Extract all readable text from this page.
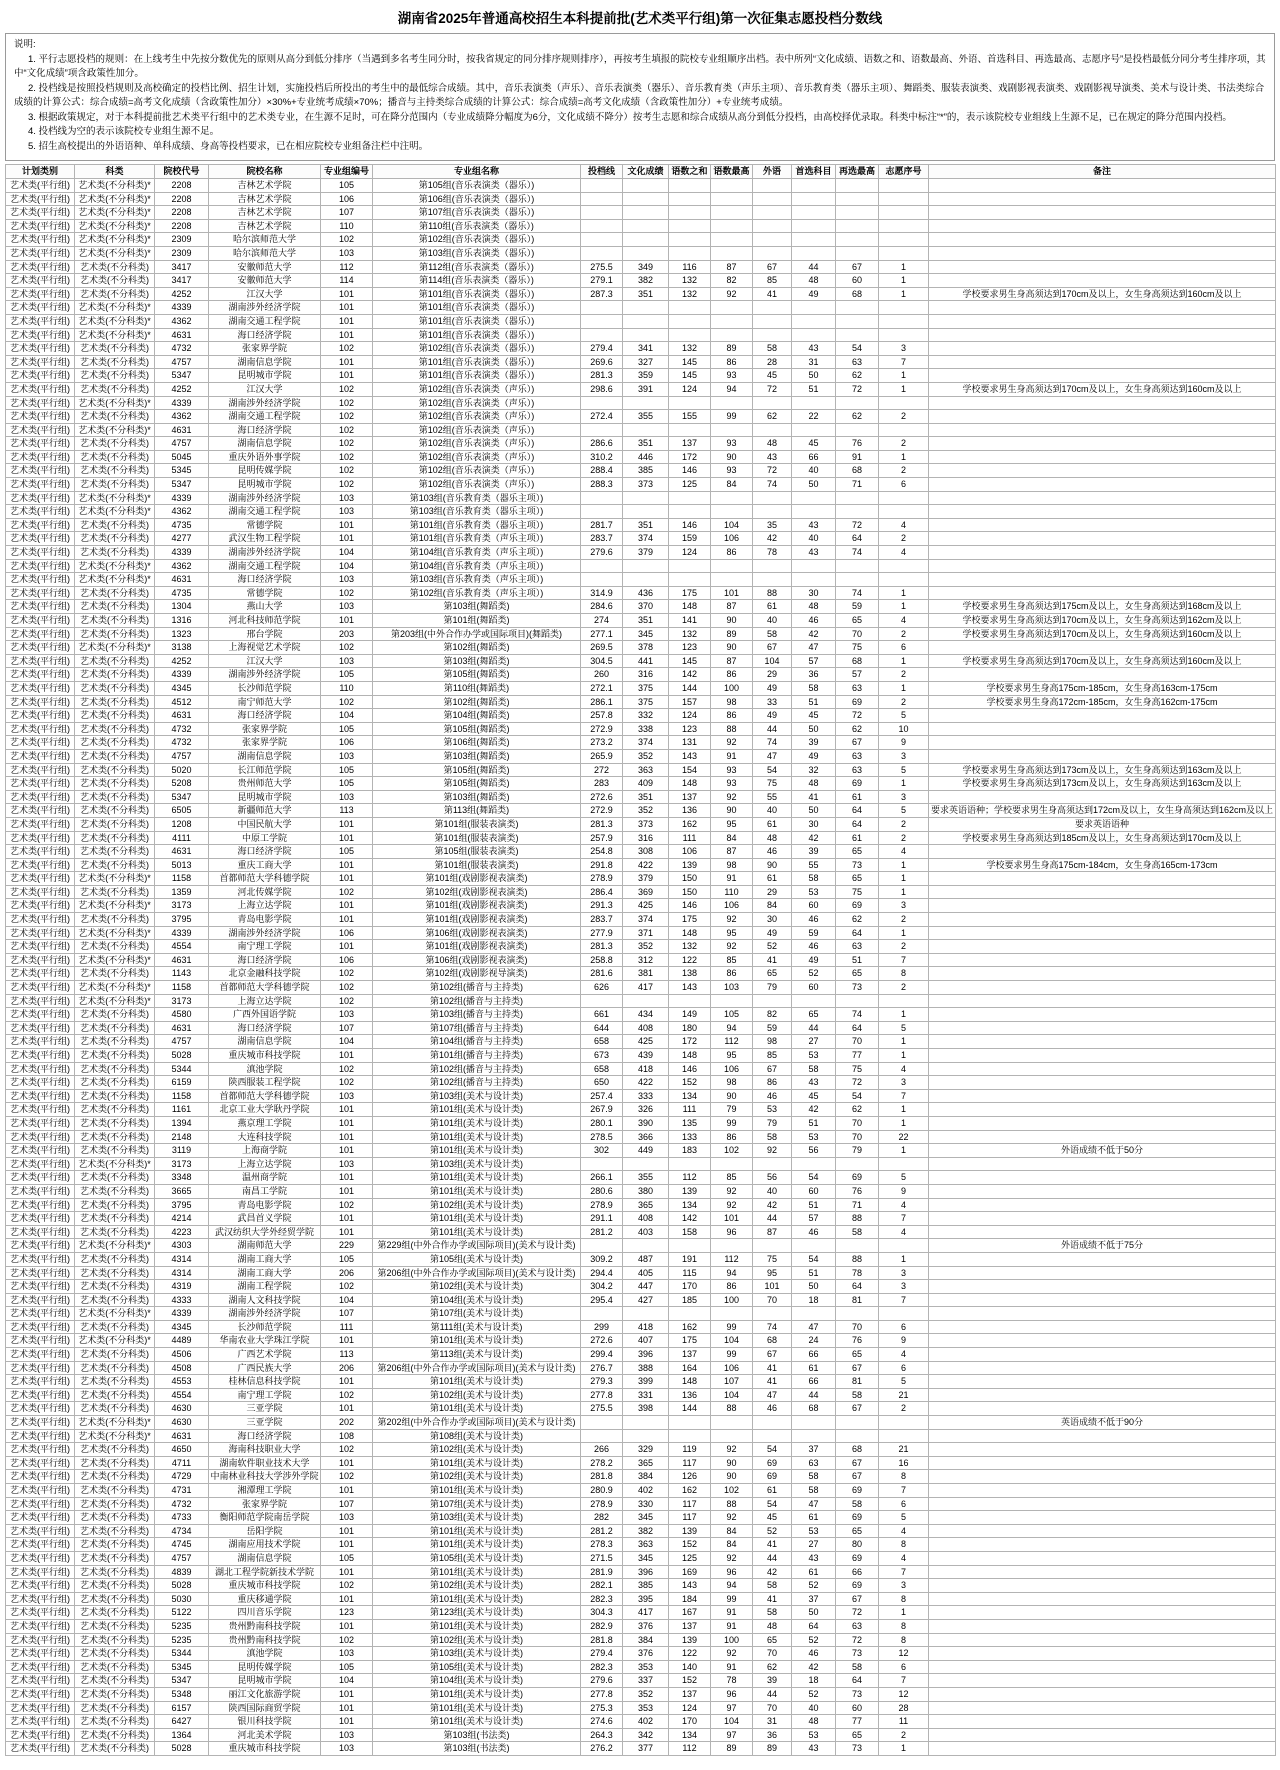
湖南省2025年普通高校招生本科提前批(艺术类平行组)第一次征集志愿投档分数线
说明:
1. 平行志愿投档的规则：在上线考生中先按分数优先的原则从高分到低分排序（当遇到多名考生同分时，按我省规定的同分排序规则排序），再按考生填报的院校专业组顺序出档。表中所列“文化成绩、语数之和、语数最高、外语、首选科目、再选最高、志愿序号”是投档最低分同分考生排序项，其中“文化成绩”项含政策性加分。
2. 投档线是按照投档规则及高校确定的投档比例、招生计划，实施投档后所投出的考生中的最低综合成绩。其中，音乐表演类（声乐）、音乐表演类（器乐）、音乐教育类（声乐主项）、音乐教育类（器乐主项）、舞蹈类、服装表演类、戏剧影视表演类、戏剧影视导演类、美术与设计类、书法类综合成绩的计算公式：综合成绩=高考文化成绩（含政策性加分）×30%+专业统考成绩×70%；播音与主持类综合成绩的计算公式：综合成绩=高考文化成绩（含政策性加分）+专业统考成绩。
3. 根据政策规定，对于本科提前批艺术类平行组中的艺术类专业，在生源不足时，可在降分范围内（专业成绩降分幅度为6分，文化成绩不降分）按考生志愿和综合成绩从高分到低分投档，由高校择优录取。科类中标注“*”的，表示该院校专业组线上生源不足，已在规定的降分范围内投档。
4. 投档线为空的表示该院校专业组生源不足。
5. 招生高校提出的外语语种、单科成绩、身高等投档要求，已在相应院校专业组备注栏中注明。
计划类别	科类	院校代号	院校名称	专业组编号	专业组名称	投档线	文化成绩	语数之和	语数最高	外语	首选科目	再选最高	志愿序号	备注
艺术类(平行组)	艺术类(不分科类)*	2208	吉林艺术学院	105	第105组(音乐表演类（器乐）)									
艺术类(平行组)	艺术类(不分科类)*	2208	吉林艺术学院	106	第106组(音乐表演类（器乐）)									
艺术类(平行组)	艺术类(不分科类)*	2208	吉林艺术学院	107	第107组(音乐表演类（器乐）)									
艺术类(平行组)	艺术类(不分科类)*	2208	吉林艺术学院	110	第110组(音乐表演类（器乐）)									
艺术类(平行组)	艺术类(不分科类)*	2309	哈尔滨师范大学	102	第102组(音乐表演类（器乐）)									
艺术类(平行组)	艺术类(不分科类)*	2309	哈尔滨师范大学	103	第103组(音乐表演类（器乐）)									
艺术类(平行组)	艺术类(不分科类)	3417	安徽师范大学	112	第112组(音乐表演类（器乐）)	275.5	349	116	87	67	44	67	1	
艺术类(平行组)	艺术类(不分科类)	3417	安徽师范大学	114	第114组(音乐表演类（器乐）)	279.1	382	132	82	85	48	60	1	
艺术类(平行组)	艺术类(不分科类)	4252	江汉大学	101	第101组(音乐表演类（器乐）)	287.3	351	132	92	41	49	68	1	学校要求男生身高须达到170cm及以上，女生身高须达到160cm及以上
艺术类(平行组)	艺术类(不分科类)*	4339	湖南涉外经济学院	101	第101组(音乐表演类（器乐）)									
艺术类(平行组)	艺术类(不分科类)*	4362	湖南交通工程学院	101	第101组(音乐表演类（器乐）)									
艺术类(平行组)	艺术类(不分科类)*	4631	海口经济学院	101	第101组(音乐表演类（器乐）)									
艺术类(平行组)	艺术类(不分科类)	4732	张家界学院	102	第102组(音乐表演类（器乐）)	279.4	341	132	89	58	43	54	3	
艺术类(平行组)	艺术类(不分科类)	4757	湖南信息学院	101	第101组(音乐表演类（器乐）)	269.6	327	145	86	28	31	63	7	
艺术类(平行组)	艺术类(不分科类)	5347	昆明城市学院	101	第101组(音乐表演类（器乐）)	281.3	359	145	93	45	50	62	1	
艺术类(平行组)	艺术类(不分科类)	4252	江汉大学	102	第102组(音乐表演类（声乐）)	298.6	391	124	94	72	51	72	1	学校要求男生身高须达到170cm及以上，女生身高须达到160cm及以上
艺术类(平行组)	艺术类(不分科类)*	4339	湖南涉外经济学院	102	第102组(音乐表演类（声乐）)									
艺术类(平行组)	艺术类(不分科类)	4362	湖南交通工程学院	102	第102组(音乐表演类（声乐）)	272.4	355	155	99	62	22	62	2	
艺术类(平行组)	艺术类(不分科类)*	4631	海口经济学院	102	第102组(音乐表演类（声乐）)									
艺术类(平行组)	艺术类(不分科类)	4757	湖南信息学院	102	第102组(音乐表演类（声乐）)	286.6	351	137	93	48	45	76	2	
艺术类(平行组)	艺术类(不分科类)	5045	重庆外语外事学院	102	第102组(音乐表演类（声乐）)	310.2	446	172	90	43	66	91	1	
艺术类(平行组)	艺术类(不分科类)	5345	昆明传媒学院	102	第102组(音乐表演类（声乐）)	288.4	385	146	93	72	40	68	2	
艺术类(平行组)	艺术类(不分科类)	5347	昆明城市学院	102	第102组(音乐表演类（声乐）)	288.3	373	125	84	74	50	71	6	
艺术类(平行组)	艺术类(不分科类)*	4339	湖南涉外经济学院	103	第103组(音乐教育类（器乐主项）)									
艺术类(平行组)	艺术类(不分科类)*	4362	湖南交通工程学院	103	第103组(音乐教育类（器乐主项）)									
艺术类(平行组)	艺术类(不分科类)	4735	常德学院	101	第101组(音乐教育类（器乐主项）)	281.7	351	146	104	35	43	72	4	
艺术类(平行组)	艺术类(不分科类)	4277	武汉生物工程学院	101	第101组(音乐教育类（声乐主项）)	283.7	374	159	106	42	40	64	2	
艺术类(平行组)	艺术类(不分科类)	4339	湖南涉外经济学院	104	第104组(音乐教育类（声乐主项）)	279.6	379	124	86	78	43	74	4	
艺术类(平行组)	艺术类(不分科类)*	4362	湖南交通工程学院	104	第104组(音乐教育类（声乐主项）)									
艺术类(平行组)	艺术类(不分科类)*	4631	海口经济学院	103	第103组(音乐教育类（声乐主项）)									
艺术类(平行组)	艺术类(不分科类)	4735	常德学院	102	第102组(音乐教育类（声乐主项）)	314.9	436	175	101	88	30	74	1	
艺术类(平行组)	艺术类(不分科类)	1304	燕山大学	103	第103组(舞蹈类)	284.6	370	148	87	61	48	59	1	学校要求男生身高须达到175cm及以上，女生身高须达到168cm及以上
艺术类(平行组)	艺术类(不分科类)	1316	河北科技师范学院	101	第101组(舞蹈类)	274	351	141	90	40	46	65	4	学校要求男生身高须达到170cm及以上，女生身高须达到162cm及以上
艺术类(平行组)	艺术类(不分科类)	1323	邢台学院	203	第203组(中外合作办学或国际项目)(舞蹈类)	277.1	345	132	89	58	42	70	2	学校要求男生身高须达到170cm及以上，女生身高须达到160cm及以上
艺术类(平行组)	艺术类(不分科类)*	3138	上海视觉艺术学院	102	第102组(舞蹈类)	269.5	378	123	90	67	47	75	6	
艺术类(平行组)	艺术类(不分科类)	4252	江汉大学	103	第103组(舞蹈类)	304.5	441	145	87	104	57	68	1	学校要求男生身高须达到170cm及以上，女生身高须达到160cm及以上
艺术类(平行组)	艺术类(不分科类)	4339	湖南涉外经济学院	105	第105组(舞蹈类)	260	316	142	86	29	36	57	2	
艺术类(平行组)	艺术类(不分科类)	4345	长沙师范学院	110	第110组(舞蹈类)	272.1	375	144	100	49	58	63	1	学校要求男生身高175cm-185cm，女生身高163cm-175cm
艺术类(平行组)	艺术类(不分科类)	4512	南宁师范大学	102	第102组(舞蹈类)	286.1	375	157	98	33	51	69	2	学校要求男生身高172cm-185cm，女生身高162cm-175cm
艺术类(平行组)	艺术类(不分科类)	4631	海口经济学院	104	第104组(舞蹈类)	257.8	332	124	86	49	45	72	5	
艺术类(平行组)	艺术类(不分科类)	4732	张家界学院	105	第105组(舞蹈类)	272.9	338	123	88	44	50	62	10	
艺术类(平行组)	艺术类(不分科类)	4732	张家界学院	106	第106组(舞蹈类)	273.2	374	131	92	74	39	67	9	
艺术类(平行组)	艺术类(不分科类)	4757	湖南信息学院	103	第103组(舞蹈类)	265.9	352	143	91	47	49	63	3	
艺术类(平行组)	艺术类(不分科类)	5020	长江师范学院	105	第105组(舞蹈类)	272	363	154	93	54	32	63	5	学校要求男生身高须达到173cm及以上，女生身高须达到163cm及以上
艺术类(平行组)	艺术类(不分科类)	5208	贵州师范大学	105	第105组(舞蹈类)	283	409	148	93	75	48	69	1	学校要求男生身高须达到173cm及以上，女生身高须达到163cm及以上
艺术类(平行组)	艺术类(不分科类)	5347	昆明城市学院	103	第103组(舞蹈类)	272.6	351	137	92	55	41	61	3	
艺术类(平行组)	艺术类(不分科类)	6505	新疆师范大学	113	第113组(舞蹈类)	272.9	352	136	90	40	50	64	5	要求英语语种；学校要求男生身高须达到172cm及以上，女生身高须达到162cm及以上
艺术类(平行组)	艺术类(不分科类)	1208	中国民航大学	101	第101组(服装表演类)	281.3	373	162	95	61	30	64	2	要求英语语种
艺术类(平行组)	艺术类(不分科类)	4111	中原工学院	101	第101组(服装表演类)	257.9	316	111	84	48	42	61	2	学校要求男生身高须达到185cm及以上，女生身高须达到170cm及以上
艺术类(平行组)	艺术类(不分科类)	4631	海口经济学院	105	第105组(服装表演类)	254.8	308	106	87	46	39	65	4	
艺术类(平行组)	艺术类(不分科类)	5013	重庆工商大学	101	第101组(服装表演类)	291.8	422	139	98	90	55	73	1	学校要求男生身高175cm-184cm，女生身高165cm-173cm
艺术类(平行组)	艺术类(不分科类)*	1158	首都师范大学科德学院	101	第101组(戏剧影视表演类)	278.9	379	150	91	61	58	65	1	
艺术类(平行组)	艺术类(不分科类)	1359	河北传媒学院	102	第102组(戏剧影视表演类)	286.4	369	150	110	29	53	75	1	
艺术类(平行组)	艺术类(不分科类)*	3173	上海立达学院	101	第101组(戏剧影视表演类)	291.3	425	146	106	84	60	69	3	
艺术类(平行组)	艺术类(不分科类)	3795	青岛电影学院	101	第101组(戏剧影视表演类)	283.7	374	175	92	30	46	62	2	
艺术类(平行组)	艺术类(不分科类)*	4339	湖南涉外经济学院	106	第106组(戏剧影视表演类)	277.9	371	148	95	49	59	64	1	
艺术类(平行组)	艺术类(不分科类)	4554	南宁理工学院	101	第101组(戏剧影视表演类)	281.3	352	132	92	52	46	63	2	
艺术类(平行组)	艺术类(不分科类)*	4631	海口经济学院	106	第106组(戏剧影视表演类)	258.8	312	122	85	41	49	51	7	
艺术类(平行组)	艺术类(不分科类)	1143	北京金融科技学院	102	第102组(戏剧影视导演类)	281.6	381	138	86	65	52	65	8	
艺术类(平行组)	艺术类(不分科类)*	1158	首都师范大学科德学院	102	第102组(播音与主持类)	626	417	143	103	79	60	73	2	
艺术类(平行组)	艺术类(不分科类)*	3173	上海立达学院	102	第102组(播音与主持类)									
艺术类(平行组)	艺术类(不分科类)	4580	广西外国语学院	103	第103组(播音与主持类)	661	434	149	105	82	65	74	1	
艺术类(平行组)	艺术类(不分科类)	4631	海口经济学院	107	第107组(播音与主持类)	644	408	180	94	59	44	64	5	
艺术类(平行组)	艺术类(不分科类)	4757	湖南信息学院	104	第104组(播音与主持类)	658	425	172	112	98	27	70	1	
艺术类(平行组)	艺术类(不分科类)	5028	重庆城市科技学院	101	第101组(播音与主持类)	673	439	148	95	85	53	77	1	
艺术类(平行组)	艺术类(不分科类)	5344	滇池学院	102	第102组(播音与主持类)	658	418	146	106	67	58	75	4	
艺术类(平行组)	艺术类(不分科类)	6159	陕西服装工程学院	102	第102组(播音与主持类)	650	422	152	98	86	43	72	3	
艺术类(平行组)	艺术类(不分科类)	1158	首都师范大学科德学院	103	第103组(美术与设计类)	257.4	333	134	90	46	45	54	7	
艺术类(平行组)	艺术类(不分科类)	1161	北京工业大学耿丹学院	101	第101组(美术与设计类)	267.9	326	111	79	53	42	62	1	
艺术类(平行组)	艺术类(不分科类)	1394	燕京理工学院	101	第101组(美术与设计类)	280.1	390	135	99	79	51	70	1	
艺术类(平行组)	艺术类(不分科类)	2148	大连科技学院	101	第101组(美术与设计类)	278.5	366	133	86	58	53	70	22	
艺术类(平行组)	艺术类(不分科类)	3119	上海商学院	101	第101组(美术与设计类)	302	449	183	102	92	56	79	1	外语成绩不低于50分
艺术类(平行组)	艺术类(不分科类)*	3173	上海立达学院	103	第103组(美术与设计类)									
艺术类(平行组)	艺术类(不分科类)	3348	温州商学院	101	第101组(美术与设计类)	266.1	355	112	85	56	54	69	5	
艺术类(平行组)	艺术类(不分科类)	3665	南昌工学院	101	第101组(美术与设计类)	280.6	380	139	92	40	60	76	9	
艺术类(平行组)	艺术类(不分科类)	3795	青岛电影学院	102	第102组(美术与设计类)	278.9	365	134	92	42	51	71	4	
艺术类(平行组)	艺术类(不分科类)	4214	武昌首义学院	101	第101组(美术与设计类)	291.1	408	142	101	44	57	88	7	
艺术类(平行组)	艺术类(不分科类)	4223	武汉纺织大学外经贸学院	101	第101组(美术与设计类)	281.2	403	158	96	87	46	58	4	
艺术类(平行组)	艺术类(不分科类)*	4303	湖南师范大学	229	第229组(中外合作办学或国际项目)(美术与设计类)									外语成绩不低于75分
艺术类(平行组)	艺术类(不分科类)	4314	湖南工商大学	105	第105组(美术与设计类)	309.2	487	191	112	75	54	88	1	
艺术类(平行组)	艺术类(不分科类)	4314	湖南工商大学	206	第206组(中外合作办学或国际项目)(美术与设计类)	294.4	405	115	94	95	51	78	3	
艺术类(平行组)	艺术类(不分科类)	4319	湖南工程学院	102	第102组(美术与设计类)	304.2	447	170	86	101	50	64	3	
艺术类(平行组)	艺术类(不分科类)	4333	湖南人文科技学院	104	第104组(美术与设计类)	295.4	427	185	100	70	18	81	7	
艺术类(平行组)	艺术类(不分科类)*	4339	湖南涉外经济学院	107	第107组(美术与设计类)									
艺术类(平行组)	艺术类(不分科类)	4345	长沙师范学院	111	第111组(美术与设计类)	299	418	162	99	74	47	70	6	
艺术类(平行组)	艺术类(不分科类)*	4489	华南农业大学珠江学院	101	第101组(美术与设计类)	272.6	407	175	104	68	24	76	9	
艺术类(平行组)	艺术类(不分科类)	4506	广西艺术学院	113	第113组(美术与设计类)	299.4	396	137	99	67	66	65	4	
艺术类(平行组)	艺术类(不分科类)	4508	广西民族大学	206	第206组(中外合作办学或国际项目)(美术与设计类)	276.7	388	164	106	41	61	67	6	
艺术类(平行组)	艺术类(不分科类)	4553	桂林信息科技学院	101	第101组(美术与设计类)	279.3	399	148	107	41	66	81	5	
艺术类(平行组)	艺术类(不分科类)	4554	南宁理工学院	102	第102组(美术与设计类)	277.8	331	136	104	47	44	58	21	
艺术类(平行组)	艺术类(不分科类)	4630	三亚学院	101	第101组(美术与设计类)	275.5	398	144	88	46	68	67	2	
艺术类(平行组)	艺术类(不分科类)*	4630	三亚学院	202	第202组(中外合作办学或国际项目)(美术与设计类)									英语成绩不低于90分
艺术类(平行组)	艺术类(不分科类)*	4631	海口经济学院	108	第108组(美术与设计类)									
艺术类(平行组)	艺术类(不分科类)	4650	海南科技职业大学	102	第102组(美术与设计类)	266	329	119	92	54	37	68	21	
艺术类(平行组)	艺术类(不分科类)	4711	湖南软件职业技术大学	101	第101组(美术与设计类)	278.2	365	117	90	69	63	67	16	
艺术类(平行组)	艺术类(不分科类)	4729	中南林业科技大学涉外学院	102	第102组(美术与设计类)	281.8	384	126	90	69	58	67	8	
艺术类(平行组)	艺术类(不分科类)	4731	湘潭理工学院	101	第101组(美术与设计类)	280.9	402	162	102	61	58	69	7	
艺术类(平行组)	艺术类(不分科类)	4732	张家界学院	107	第107组(美术与设计类)	278.9	330	117	88	54	47	58	6	
艺术类(平行组)	艺术类(不分科类)	4733	衡阳师范学院南岳学院	103	第103组(美术与设计类)	282	345	117	92	45	61	69	5	
艺术类(平行组)	艺术类(不分科类)	4734	岳阳学院	101	第101组(美术与设计类)	281.2	382	139	84	52	53	65	4	
艺术类(平行组)	艺术类(不分科类)	4745	湖南应用技术学院	101	第101组(美术与设计类)	278.3	363	152	84	41	27	80	8	
艺术类(平行组)	艺术类(不分科类)	4757	湖南信息学院	105	第105组(美术与设计类)	271.5	345	125	92	44	43	69	4	
艺术类(平行组)	艺术类(不分科类)	4839	湖北工程学院新技术学院	101	第101组(美术与设计类)	281.9	396	169	96	42	61	66	7	
艺术类(平行组)	艺术类(不分科类)	5028	重庆城市科技学院	102	第102组(美术与设计类)	282.1	385	143	94	58	52	69	3	
艺术类(平行组)	艺术类(不分科类)	5030	重庆移通学院	101	第101组(美术与设计类)	282.3	395	184	99	41	37	67	8	
艺术类(平行组)	艺术类(不分科类)	5122	四川音乐学院	123	第123组(美术与设计类)	304.3	417	167	91	58	50	72	1	
艺术类(平行组)	艺术类(不分科类)	5235	贵州黔南科技学院	101	第101组(美术与设计类)	282.9	376	137	91	48	64	63	8	
艺术类(平行组)	艺术类(不分科类)	5235	贵州黔南科技学院	102	第102组(美术与设计类)	281.8	384	139	100	65	52	72	8	
艺术类(平行组)	艺术类(不分科类)	5344	滇池学院	103	第103组(美术与设计类)	279.4	376	122	92	70	46	73	12	
艺术类(平行组)	艺术类(不分科类)	5345	昆明传媒学院	105	第105组(美术与设计类)	282.3	353	140	91	62	42	58	6	
艺术类(平行组)	艺术类(不分科类)	5347	昆明城市学院	104	第104组(美术与设计类)	279.6	337	152	78	39	18	64	7	
艺术类(平行组)	艺术类(不分科类)	5348	丽江文化旅游学院	101	第101组(美术与设计类)	277.8	352	137	96	44	52	73	12	
艺术类(平行组)	艺术类(不分科类)	6157	陕西国际商贸学院	101	第101组(美术与设计类)	275.3	353	124	97	70	40	60	28	
艺术类(平行组)	艺术类(不分科类)	6427	银川科技学院	101	第101组(美术与设计类)	274.6	402	170	104	31	48	77	11	
艺术类(平行组)	艺术类(不分科类)	1364	河北美术学院	103	第103组(书法类)	264.3	342	134	97	36	53	65	2	
艺术类(平行组)	艺术类(不分科类)	5028	重庆城市科技学院	103	第103组(书法类)	276.2	377	112	89	89	43	73	1	
